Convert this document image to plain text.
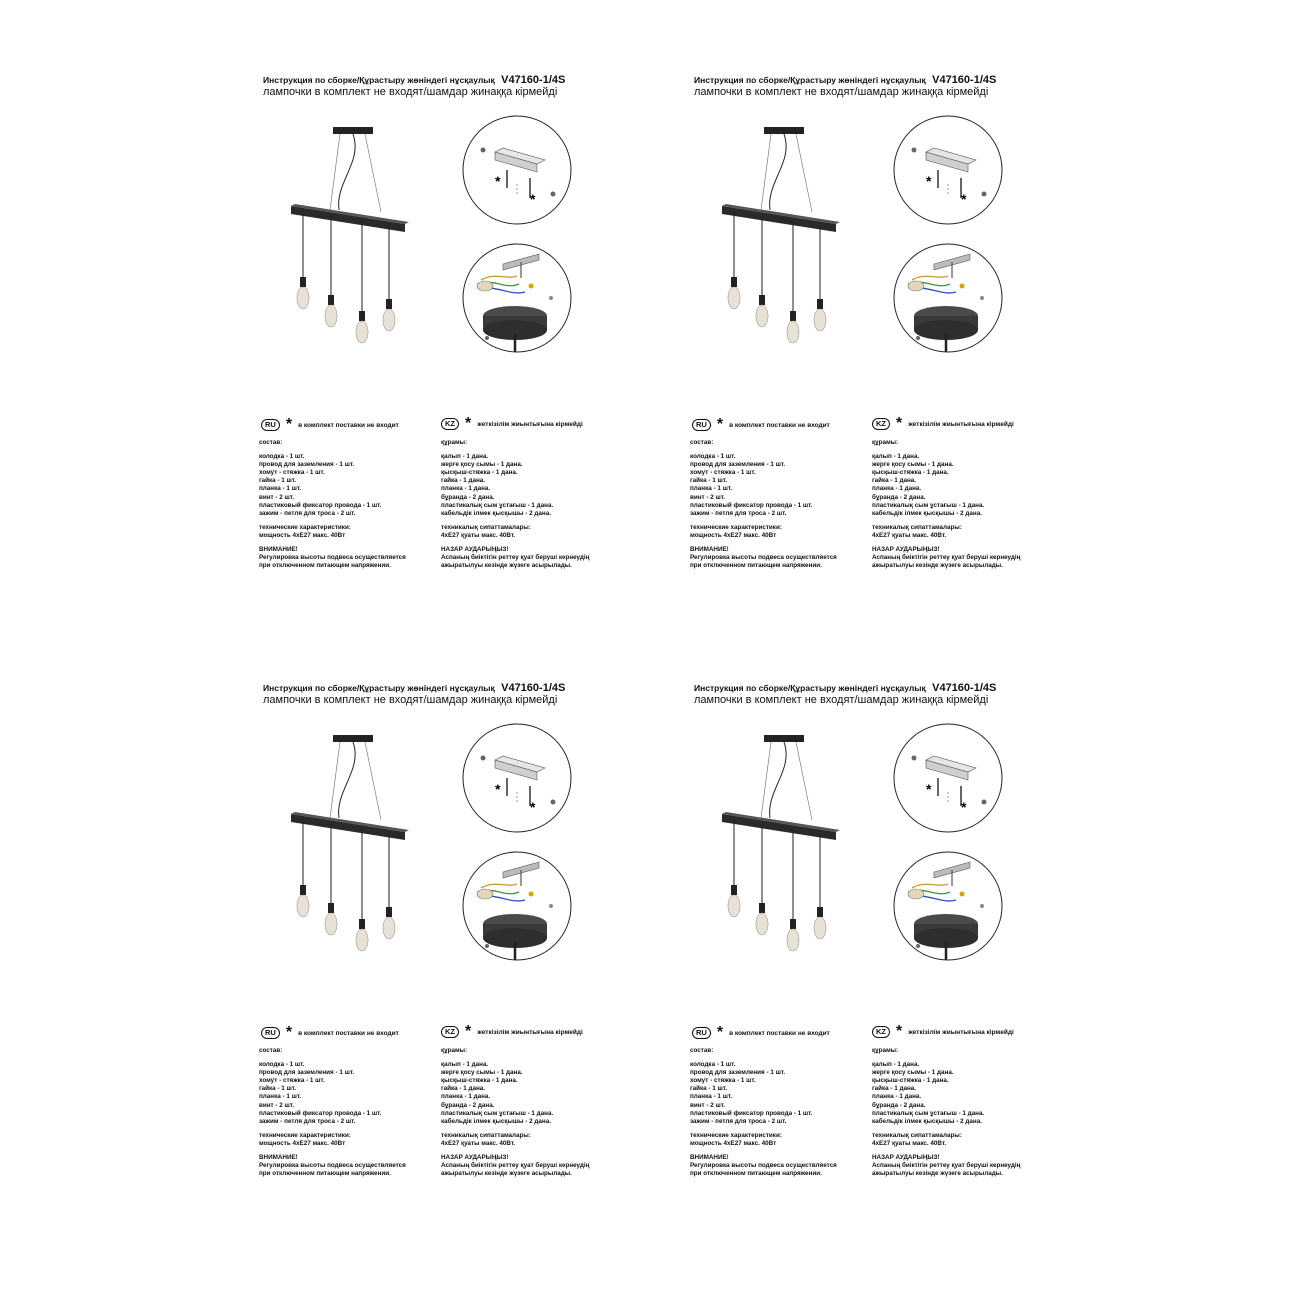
Инструкция по сборке/Құрастыру жөніндегі нұсқаулық V47160-1/4S
лампочки в комплект не входят/шамдар жинаққа кірмейді
*
*
RU * в комплект поставки не входит
состав:
колодка - 1 шт.
провод для заземления - 1 шт.
хомут - стяжка - 1 шт.
гайка - 1 шт.
планка - 1 шт.
винт - 2 шт.
пластиковый фиксатор провода - 1 шт.
зажим - петля для троса - 2 шт.
технические характеристики:
мощность 4xE27 макс. 40Вт
ВНИМАНИЕ!
Регулировка высоты подвеса осуществляется
при отключенном питающем напряжении.
KZ * жеткізілім жиынтығына кірмейді
құрамы:
қалып - 1 дана.
жерге қосу сымы - 1 дана.
қысқыш-стяжка - 1 дана.
гайка - 1 дана.
планка - 1 дана.
бұранда - 2 дана.
пластикалық сым ұстағыш - 1 дана.
кабельдік ілмек қысқышы - 2 дана.
техникалық сипаттамалары:
4xE27 қуаты макс. 40Вт.
НАЗАР АУДАРЫҢЫЗ!
Аспаның биіктігін реттеу қуат беруші кернеудің
ажыратылуы кезінде жүзеге асырылады.
Инструкция по сборке/Құрастыру жөніндегі нұсқаулық V47160-1/4S
лампочки в комплект не входят/шамдар жинаққа кірмейді
*
*
RU * в комплект поставки не входит
состав:
колодка - 1 шт.
провод для заземления - 1 шт.
хомут - стяжка - 1 шт.
гайка - 1 шт.
планка - 1 шт.
винт - 2 шт.
пластиковый фиксатор провода - 1 шт.
зажим - петля для троса - 2 шт.
технические характеристики:
мощность 4xE27 макс. 40Вт
ВНИМАНИЕ!
Регулировка высоты подвеса осуществляется
при отключенном питающем напряжении.
KZ * жеткізілім жиынтығына кірмейді
құрамы:
қалып - 1 дана.
жерге қосу сымы - 1 дана.
қысқыш-стяжка - 1 дана.
гайка - 1 дана.
планка - 1 дана.
бұранда - 2 дана.
пластикалық сым ұстағыш - 1 дана.
кабельдік ілмек қысқышы - 2 дана.
техникалық сипаттамалары:
4xE27 қуаты макс. 40Вт.
НАЗАР АУДАРЫҢЫЗ!
Аспаның биіктігін реттеу қуат беруші кернеудің
ажыратылуы кезінде жүзеге асырылады.
Инструкция по сборке/Құрастыру жөніндегі нұсқаулық V47160-1/4S
лампочки в комплект не входят/шамдар жинаққа кірмейді
*
*
RU * в комплект поставки не входит
состав:
колодка - 1 шт.
провод для заземления - 1 шт.
хомут - стяжка - 1 шт.
гайка - 1 шт.
планка - 1 шт.
винт - 2 шт.
пластиковый фиксатор провода - 1 шт.
зажим - петля для троса - 2 шт.
технические характеристики:
мощность 4xE27 макс. 40Вт
ВНИМАНИЕ!
Регулировка высоты подвеса осуществляется
при отключенном питающем напряжении.
KZ * жеткізілім жиынтығына кірмейді
құрамы:
қалып - 1 дана.
жерге қосу сымы - 1 дана.
қысқыш-стяжка - 1 дана.
гайка - 1 дана.
планка - 1 дана.
бұранда - 2 дана.
пластикалық сым ұстағыш - 1 дана.
кабельдік ілмек қысқышы - 2 дана.
техникалық сипаттамалары:
4xE27 қуаты макс. 40Вт.
НАЗАР АУДАРЫҢЫЗ!
Аспаның биіктігін реттеу қуат беруші кернеудің
ажыратылуы кезінде жүзеге асырылады.
Инструкция по сборке/Құрастыру жөніндегі нұсқаулық V47160-1/4S
лампочки в комплект не входят/шамдар жинаққа кірмейді
*
*
RU * в комплект поставки не входит
состав:
колодка - 1 шт.
провод для заземления - 1 шт.
хомут - стяжка - 1 шт.
гайка - 1 шт.
планка - 1 шт.
винт - 2 шт.
пластиковый фиксатор провода - 1 шт.
зажим - петля для троса - 2 шт.
технические характеристики:
мощность 4xE27 макс. 40Вт
ВНИМАНИЕ!
Регулировка высоты подвеса осуществляется
при отключенном питающем напряжении.
KZ * жеткізілім жиынтығына кірмейді
құрамы:
қалып - 1 дана.
жерге қосу сымы - 1 дана.
қысқыш-стяжка - 1 дана.
гайка - 1 дана.
планка - 1 дана.
бұранда - 2 дана.
пластикалық сым ұстағыш - 1 дана.
кабельдік ілмек қысқышы - 2 дана.
техникалық сипаттамалары:
4xE27 қуаты макс. 40Вт.
НАЗАР АУДАРЫҢЫЗ!
Аспаның биіктігін реттеу қуат беруші кернеудің
ажыратылуы кезінде жүзеге асырылады.
